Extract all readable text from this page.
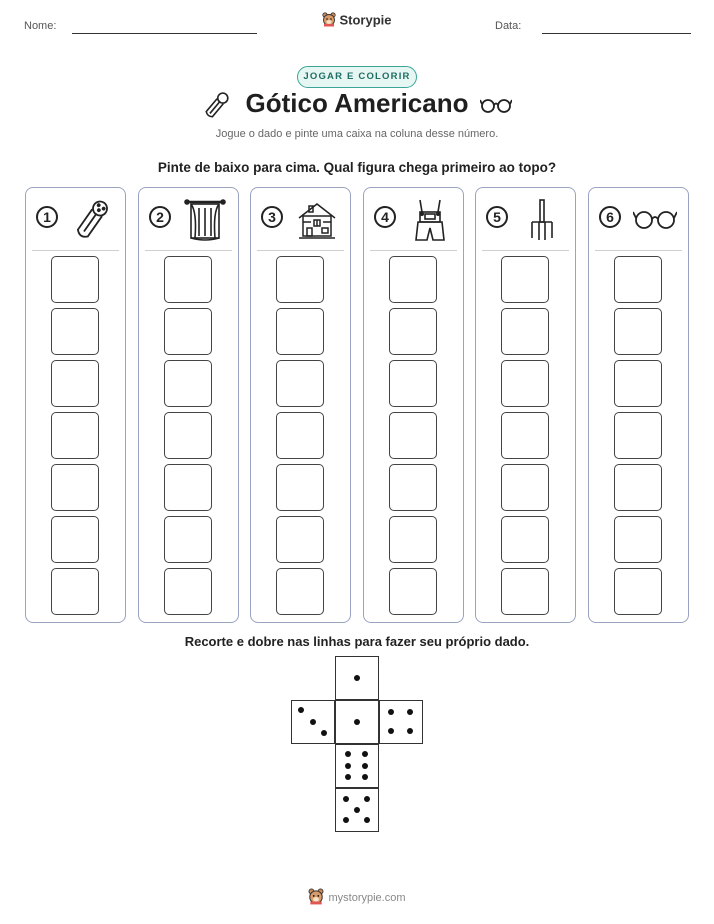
Nome:	Storypie	Data:
JOGAR E COLORIR
Gótico Americano
Jogue o dado e pinte uma caixa na coluna desse número.
Pinte de baixo para cima. Qual figura chega primeiro ao topo?
1	2	3	4	5	6
Recorte e dobre nas linhas para fazer seu próprio dado.
mystorypie.com
